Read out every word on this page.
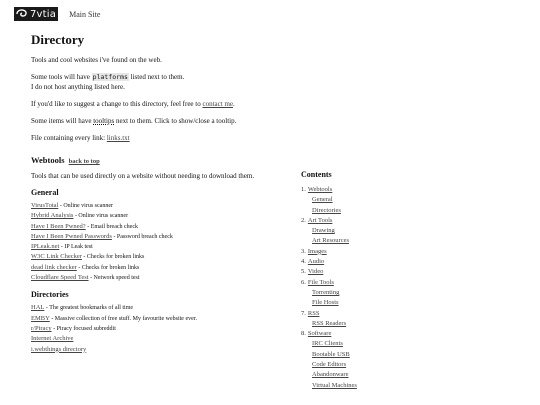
7vtia Main Site
Directory

Tools and cool websites i've found on the web.

Some tools will have platforms listed next to them.
I do not host anything listed here.

If you'd like to suggest a change to this directory, feel free to contact me.

Some items will have tooltips next to them. Click to show/close a tooltip.

File containing every link: links.txt

Webtools back to top

Tools that can be used directly on a website without needing to download them.

General
VirusTotal - Online virus scanner
Hybrid Analysis - Online virus scanner
Have I Been Pwned? - Email breach check
Have I Been Pwned Passwords - Password breach check
IPLeak.net - IP Leak test
W3C Link Checker - Checks for broken links
dead link checker - Checks for broken links
Cloudflare Speed Test - Network speed test
Directories
HAL - The greatest bookmarks of all time
EMBY - Massive collection of free stuff. My favourite website ever.
r/Piracy - Piracy focused subreddit
Internet Archive
i.webthings directory
Contents
1. Webtools
General
Directories
2. Art Tools
Drawing
Art Resources
3. Images
4. Audio
5. Video
6. File Tools
Torrenting
File Hosts
7. RSS
RSS Readers
8. Software
IRC Clients
Bootable USB
Code Editors
Abandonware
Virtual Machines
